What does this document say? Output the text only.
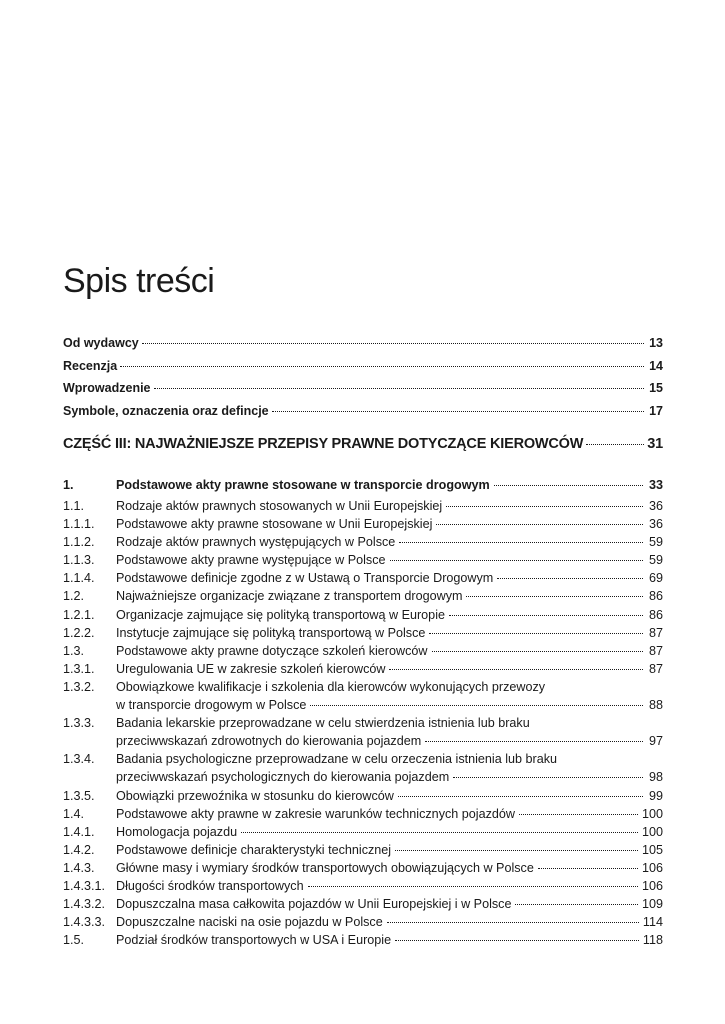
Spis treści
Od wydawcy	13
Recenzja	14
Wprowadzenie	15
Symbole, oznaczenia oraz defincje	17
CZĘŚĆ III: NAJWAŻNIEJSZE PRZEPISY PRAWNE DOTYCZĄCE KIEROWCÓW	31
1.	Podstawowe akty prawne stosowane w transporcie drogowym	33
1.1.	Rodzaje aktów prawnych stosowanych w Unii Europejskiej	36
1.1.1.	Podstawowe akty prawne stosowane w Unii Europejskiej	36
1.1.2.	Rodzaje aktów prawnych występujących w Polsce	59
1.1.3.	Podstawowe akty prawne występujące w Polsce	59
1.1.4.	Podstawowe definicje zgodne z w Ustawą o Transporcie Drogowym	69
1.2.	Najważniejsze organizacje związane z transportem drogowym	86
1.2.1.	Organizacje zajmujące się polityką transportową w Europie	86
1.2.2.	Instytucje zajmujące się polityką transportową w Polsce	87
1.3.	Podstawowe akty prawne dotyczące szkoleń kierowców	87
1.3.1.	Uregulowania UE w zakresie szkoleń kierowców	87
1.3.2.	Obowiązkowe kwalifikacje i szkolenia dla kierowców wykonujących przewozy
w transporcie drogowym w Polsce	88
1.3.3.	Badania lekarskie przeprowadzane w celu stwierdzenia istnienia lub braku
przeciwwskazań zdrowotnych do kierowania pojazdem	97
1.3.4.	Badania psychologiczne przeprowadzane w celu orzeczenia istnienia lub braku
przeciwwskazań psychologicznych do kierowania pojazdem	98
1.3.5.	Obowiązki przewoźnika w stosunku do kierowców	99
1.4.	Podstawowe akty prawne w zakresie warunków technicznych pojazdów	100
1.4.1.	Homologacja pojazdu	100
1.4.2.	Podstawowe definicje charakterystyki technicznej	105
1.4.3.	Główne masy i wymiary środków transportowych obowiązujących w Polsce	106
1.4.3.1. Długości środków transportowych	106
1.4.3.2. Dopuszczalna masa całkowita pojazdów w Unii Europejskiej i w Polsce	109
1.4.3.3. Dopuszczalne naciski na osie pojazdu w Polsce	114
1.5.	Podział środków transportowych w USA i Europie	118
